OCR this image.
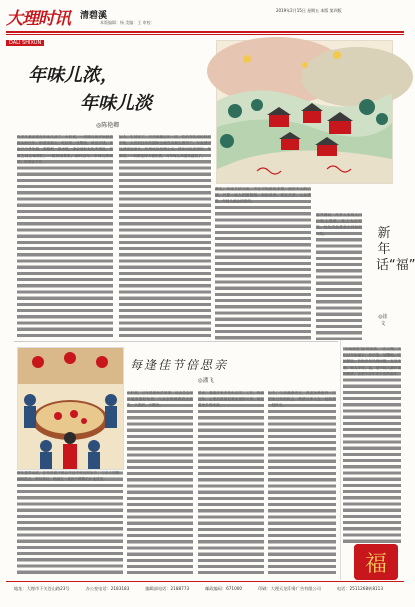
大理时讯
DALI SHIXUN
清碧溪
本版编辑：杨 美编：王 审校：
2019年2月15日 星期五 本版 第四版
年味儿浓，
年味儿淡
◎陈艳卿
许多儿童说现在年味儿淡了。小时候，一进腊月就开始数着指头盼过年，盼着穿新衣，吃好的，放鞭炮，拿压岁钱。家家户户杀年猪，舂糍粑，做米糕，请亲朋好友吃杀猪饭，邻里之间互相帮忙，一派热闹景象。那时过年，年味儿特别浓，浓得化不开。
如今，生活好了，天天都像过年一样，吃的穿的用的样样不缺，人们对过年的期盼也就没有那么强烈了。年夜饭可以到饭店里订，年货可以在网上买，拜年可以发短信、发微信，一切都变得方便快捷，可年味儿却越来越淡了。
其实，年味儿浓与淡，不在于物质的多寡，而在于人的心境。只要一家人团团圆圆，和和美美，相互关爱，心存感恩，年味儿就会浓浓的。
春节期间，许多人家的大门口贴上春联，挂上大红灯笼，处处洋溢着喜庆祥和的气氛。	新年话“福”
◎崔文
“年味就是‘福’的味道。”在大理，人们过年贴福字，挂灯笼，放鞭炮，吃团圆饭，祈盼来年风调雨顺、五谷丰登、家人平安。福，是中国人最朴素的愿望，也是千百年来不变的追求。
福
每逢佳节倍思亲
◎潘飞
每年春节来临，在外的游子都会不远千里赶回家乡，与亲人团聚。那份思念，那份牵挂，都融在一桌热气腾腾的年夜饭里。
小时候，过年是最快乐的事。母亲总会早早地准备好年货，父亲会带着我们去赶集，买春联，买鞭炮。
后来，我离开家乡外出求学、工作，每到过年，心里总是惦记着家里的父母，惦记着家乡的味道。
如今，父母渐渐老去，我更加珍惜每一次回家过年的机会，珍惜与家人在一起的每一段时光。
地址：大理市下关苍山路23号	办公室电话：2183183	编辑部电话：2188773	邮政编码：671000	印刷：大理天龙印务广告有限公司	电话：2511268转8113
